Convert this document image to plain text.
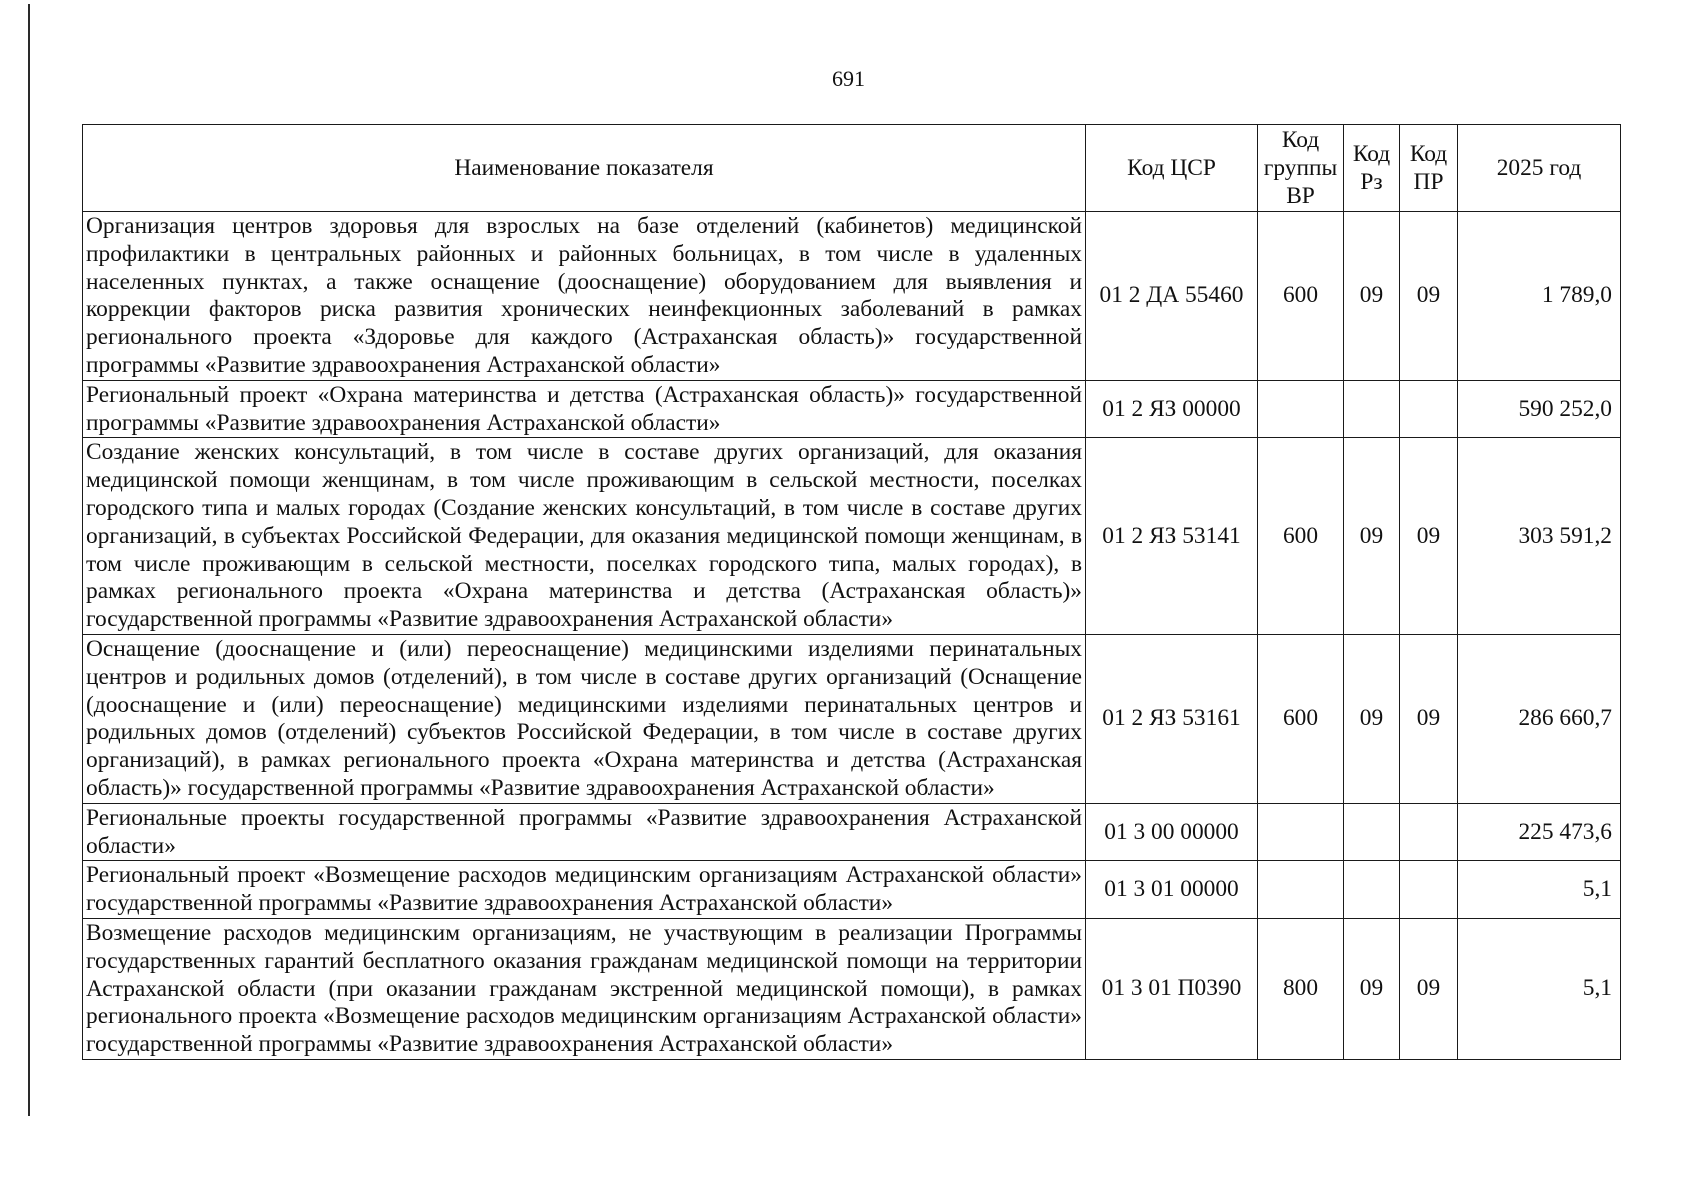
691
Наименование показателя	Код ЦСР	Код группы ВР	Код Рз	Код ПР	2025 год
Организация центров здоровья для взрослых на базе отделений (кабинетов) медицинской профилактики в центральных районных и районных больницах, в том числе в удаленных населенных пунктах, а также оснащение (дооснащение) оборудованием для выявления и коррекции факторов риска развития хронических неинфекционных заболеваний в рамках регионального проекта «Здоровье для каждого (Астраханская область)» государственной программы «Развитие здравоохранения Астраханской области»	01 2 ДА 55460	600	09	09	1 789,0
Региональный проект «Охрана материнства и детства (Астраханская область)» государственной программы «Развитие здравоохранения Астраханской области»	01 2 ЯЗ 00000				590 252,0
Создание женских консультаций, в том числе в составе других организаций, для оказания медицинской помощи женщинам, в том числе проживающим в сельской местности, поселках городского типа и малых городах (Создание женских консультаций, в том числе в составе других организаций, в субъектах Российской Федерации, для оказания медицинской помощи женщинам, в том числе проживающим в сельской местности, поселках городского типа, малых городах), в рамках регионального проекта «Охрана материнства и детства (Астраханская область)» государственной программы «Развитие здравоохранения Астраханской области»	01 2 ЯЗ 53141	600	09	09	303 591,2
Оснащение (дооснащение и (или) переоснащение) медицинскими изделиями перинатальных центров и родильных домов (отделений), в том числе в составе других организаций (Оснащение (дооснащение и (или) переоснащение) медицинскими изделиями перинатальных центров и родильных домов (отделений) субъектов Российской Федерации, в том числе в составе других организаций), в рамках регионального проекта «Охрана материнства и детства (Астраханская область)» государственной программы «Развитие здравоохранения Астраханской области»	01 2 ЯЗ 53161	600	09	09	286 660,7
Региональные проекты государственной программы «Развитие здравоохранения Астраханской области»	01 3 00 00000				225 473,6
Региональный проект «Возмещение расходов медицинским организациям Астраханской области» государственной программы «Развитие здравоохранения Астраханской области»	01 3 01 00000				5,1
Возмещение расходов медицинским организациям, не участвующим в реализации Программы государственных гарантий бесплатного оказания гражданам медицинской помощи на территории Астраханской области (при оказании гражданам экстренной медицинской помощи), в рамках регионального проекта «Возмещение расходов медицинским организациям Астраханской области» государственной программы «Развитие здравоохранения Астраханской области»	01 3 01 П0390	800	09	09	5,1
